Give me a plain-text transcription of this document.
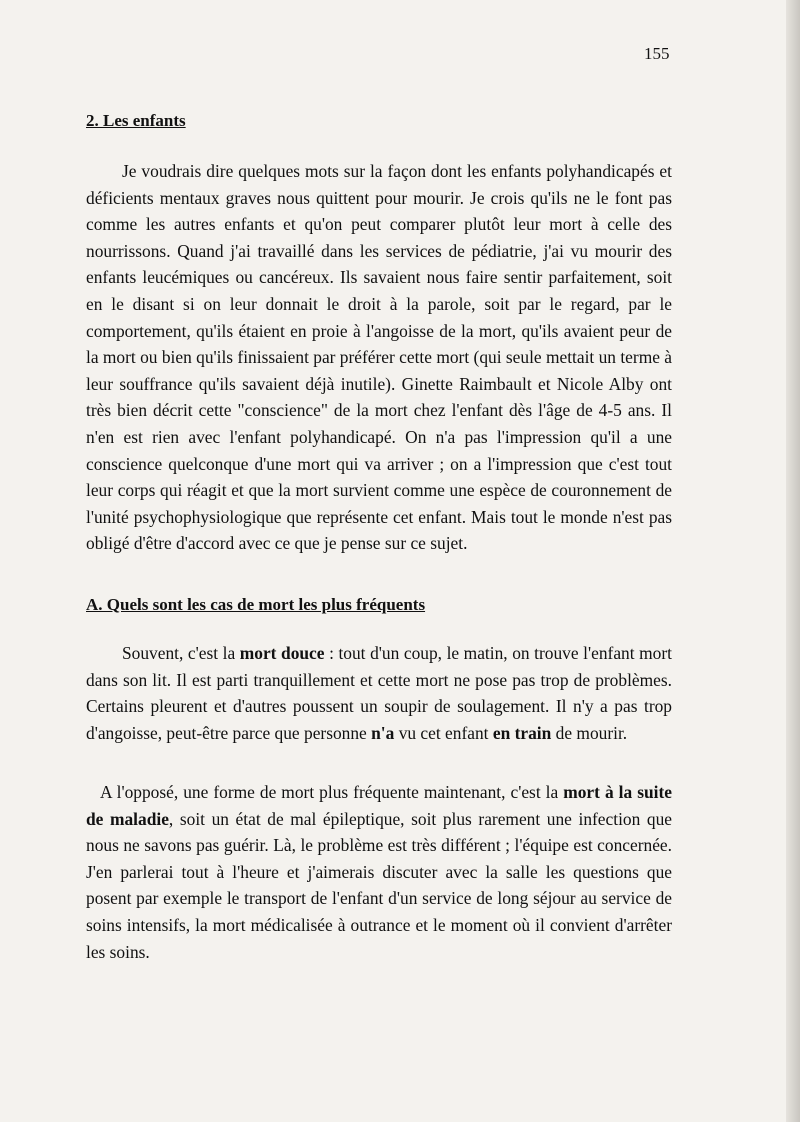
155
2. Les enfants

Je voudrais dire quelques mots sur la façon dont les enfants polyhandicapés et déficients mentaux graves nous quittent pour mourir. Je crois qu'ils ne le font pas comme les autres enfants et qu'on peut comparer plutôt leur mort à celle des nourrissons. Quand j'ai travaillé dans les services de pédiatrie, j'ai vu mourir des enfants leucémiques ou cancéreux. Ils savaient nous faire sentir parfaitement, soit en le disant si on leur donnait le droit à la parole, soit par le regard, par le comportement, qu'ils étaient en proie à l'angoisse de la mort, qu'ils avaient peur de la mort ou bien qu'ils finissaient par préférer cette mort (qui seule mettait un terme à leur souffrance qu'ils savaient déjà inutile). Ginette Raimbault et Nicole Alby ont très bien décrit cette "conscience" de la mort chez l'enfant dès l'âge de 4-5 ans. Il n'en est rien avec l'enfant polyhandicapé. On n'a pas l'impression qu'il a une conscience quelconque d'une mort qui va arriver ; on a l'impression que c'est tout leur corps qui réagit et que la mort survient comme une espèce de couronnement de l'unité psychophysiologique que représente cet enfant. Mais tout le monde n'est pas obligé d'être d'accord avec ce que je pense sur ce sujet.

A. Quels sont les cas de mort les plus fréquents

Souvent, c'est la mort douce : tout d'un coup, le matin, on trouve l'enfant mort dans son lit. Il est parti tranquillement et cette mort ne pose pas trop de problèmes. Certains pleurent et d'autres poussent un soupir de soulagement. Il n'y a pas trop d'angoisse, peut-être parce que personne n'a vu cet enfant en train de mourir.

A l'opposé, une forme de mort plus fréquente maintenant, c'est la mort à la suite de maladie, soit un état de mal épileptique, soit plus rarement une infection que nous ne savons pas guérir. Là, le problème est très différent ; l'équipe est concernée. J'en parlerai tout à l'heure et j'aimerais discuter avec la salle les questions que posent par exemple le transport de l'enfant d'un service de long séjour au service de soins intensifs, la mort médicalisée à outrance et le moment où il convient d'arrêter les soins.
